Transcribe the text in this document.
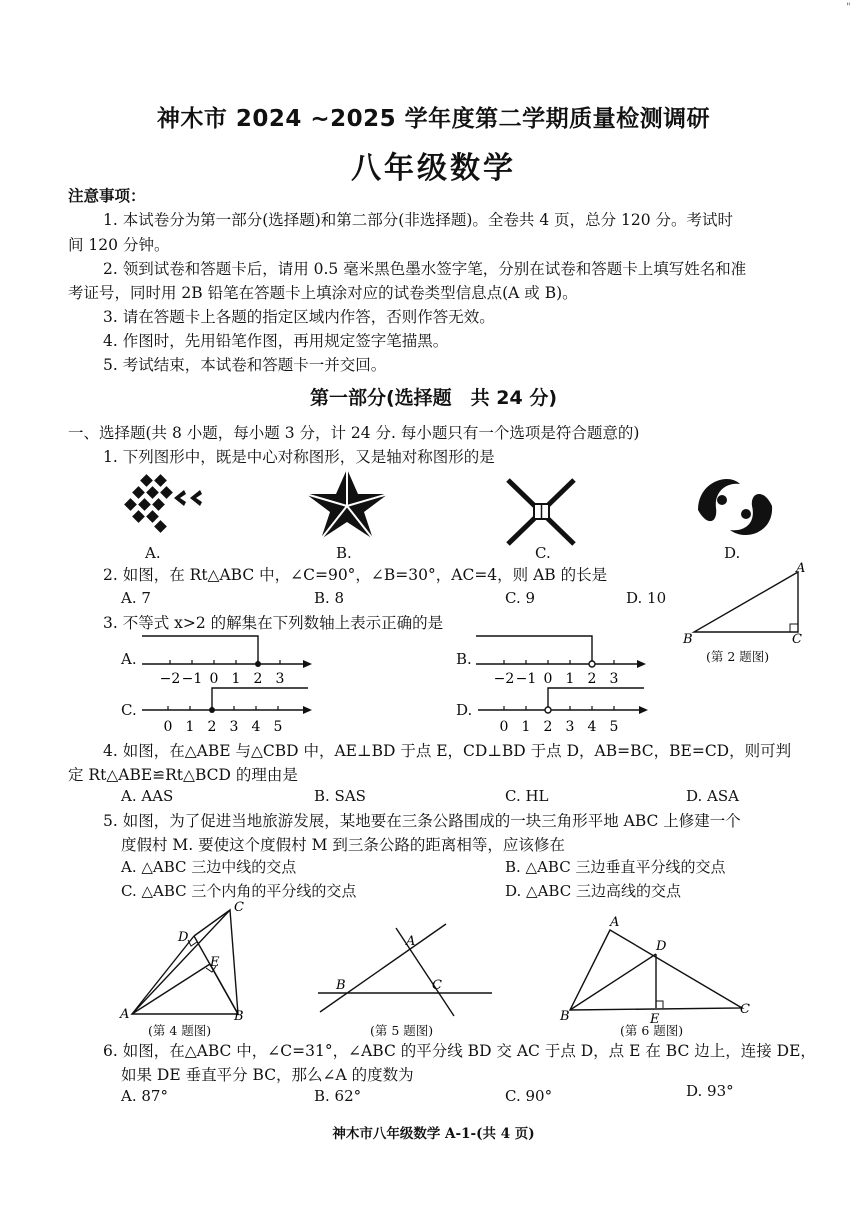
"
神木市 2024 ~2025 学年度第二学期质量检测调研
八年级数学
注意事项：
1. 本试卷分为第一部分(选择题)和第二部分(非选择题)。全卷共 4 页，总分 120 分。考试时
间 120 分钟。
2. 领到试卷和答题卡后，请用 0.5 毫米黑色墨水签字笔，分别在试卷和答题卡上填写姓名和准
考证号，同时用 2B 铅笔在答题卡上填涂对应的试卷类型信息点(A 或 B)。
3. 请在答题卡上各题的指定区域内作答，否则作答无效。
4. 作图时，先用铅笔作图，再用规定签字笔描黑。
5. 考试结束，本试卷和答题卡一并交回。
第一部分(选择题　共 24 分)
一、选择题(共 8 小题，每小题 3 分，计 24 分. 每小题只有一个选项是符合题意的)
1. 下列图形中，既是中心对称图形，又是轴对称图形的是
A.	B.	C.	D.
2. 如图，在 Rt△ABC 中，∠C=90°，∠B=30°，AC=4，则 AB 的长是
A. 7	B. 8	C. 9	D. 10
A
B	C
(第 2 题图)
3. 不等式 x>2 的解集在下列数轴上表示正确的是
A.
−2 −1 0 1 2 3
B.
−2 −1 0 1 2 3
C.
0 1 2 3 4 5
D.
0 1 2 3 4 5
4. 如图，在△ABE 与△CBD 中，AE⊥BD 于点 E，CD⊥BD 于点 D，AB=BC，BE=CD，则可判
定 Rt△ABE≌Rt△BCD 的理由是
A. AAS	B. SAS	C. HL	D. ASA
5. 如图，为了促进当地旅游发展，某地要在三条公路围成的一块三角形平地 ABC 上修建一个
度假村 M. 要使这个度假村 M 到三条公路的距离相等，应该修在
A. △ABC 三边中线的交点	B. △ABC 三边垂直平分线的交点
C. △ABC 三个内角的平分线的交点	D. △ABC 三边高线的交点
C
D
E
A	B
(第 4 题图)
A
B	C
(第 5 题图)
A
D
B	E
C
(第 6 题图)
6. 如图，在△ABC 中，∠C=31°，∠ABC 的平分线 BD 交 AC 于点 D，点 E 在 BC 边上，连接 DE，
如果 DE 垂直平分 BC，那么∠A 的度数为
A. 87°	B. 62°	C. 90°	D. 93°
神木市八年级数学 A-1-(共 4 页)
